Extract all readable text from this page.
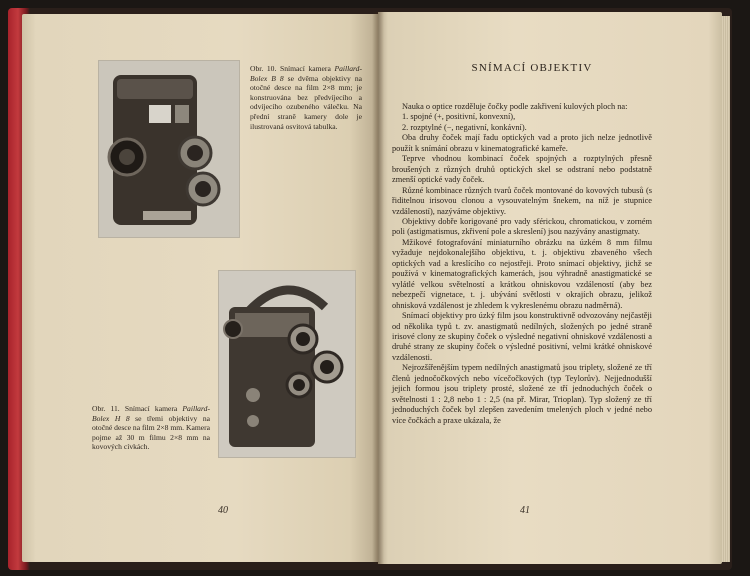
Obr. 10. Snímací kamera Paillard-Bolex B 8 se dvěma objektivy na otočné desce na film 2×8 mm; je konstruována bez předvíjecího a odvíjecího ozubeného válečku. Na přední straně kamery dole je ilustrovaná osvitová tabulka.
Obr. 11. Snímací kamera Paillard-Bolex H 8 se třemi objektivy na otočné desce na film 2×8 mm. Kamera pojme až 30 m filmu 2×8 mm na kovových cívkách.
40
SNÍMACÍ OBJEKTIV

Nauka o optice rozděluje čočky podle zakřivení kulových ploch na:

1. spojné (+, positivní, konvexní),

2. rozptylné (−, negativní, konkávní).

Oba druhy čoček mají řadu optických vad a proto jich nelze jednotlivě použít k snímání obrazu v kinematografické kameře.

Teprve vhodnou kombinací čoček spojných a rozptylných přesně broušených z různých druhů optických skel se odstraní nebo podstatně zmenší optické vady čoček.

Různé kombinace různých tvarů čoček montované do kovových tubusů (s řiditelnou irisovou clonou a vysouvatelným šnekem, na níž je stupnice vzdáleností), nazýváme objektivy.

Objektivy dobře korigované pro vady sférickou, chromatickou, v zorném poli (astigmatismus, zkřivení pole a skreslení) jsou nazývány anastigmaty.

Mžikové fotografování miniaturního obrázku na úzkém 8 mm filmu vyžaduje nejdokonalejšího objektivu, t. j. objektivu zbaveného všech optických vad a kreslícího co nejostřeji. Proto snímací objektivy, jichž se používá v kinematografických kamerách, jsou výhradně anastigmatické se vylátlé velkou světelností a krátkou ohniskovou vzdáleností (aby bez nebezpečí vignetace, t. j. ubývání světlosti v okrajích obrazu, jelikož ohnisková vzdálenost je zhledem k vykreslenému obrazu nadměrná).

Snímací objektivy pro úzký film jsou konstruktivně odvozovány nejčastěji od několika typů t. zv. anastigmatů nedílných, složených po jedné straně irisové clony ze skupiny čoček o výsledné negativní ohniskové vzdálenosti a druhé strany ze skupiny čoček o výsledné positivní, velmi krátké ohniskové vzdálenosti.

Nejrozšířenějším typem nedílných anastigmatů jsou triplety, složené ze tří členů jednočočkových nebo vícečočkových (typ Teylorův). Nejjednodušší jejich formou jsou triplety prosté, složené ze tří jednoduchých čoček o světelnosti 1 : 2,8 nebo 1 : 2,5 (na př. Mirar, Trioplan). Typ složený ze tří jednoduchých čoček byl zlepšen zavedením tmelených ploch v jedné nebo více čočkách a praxe ukázala, že

41
